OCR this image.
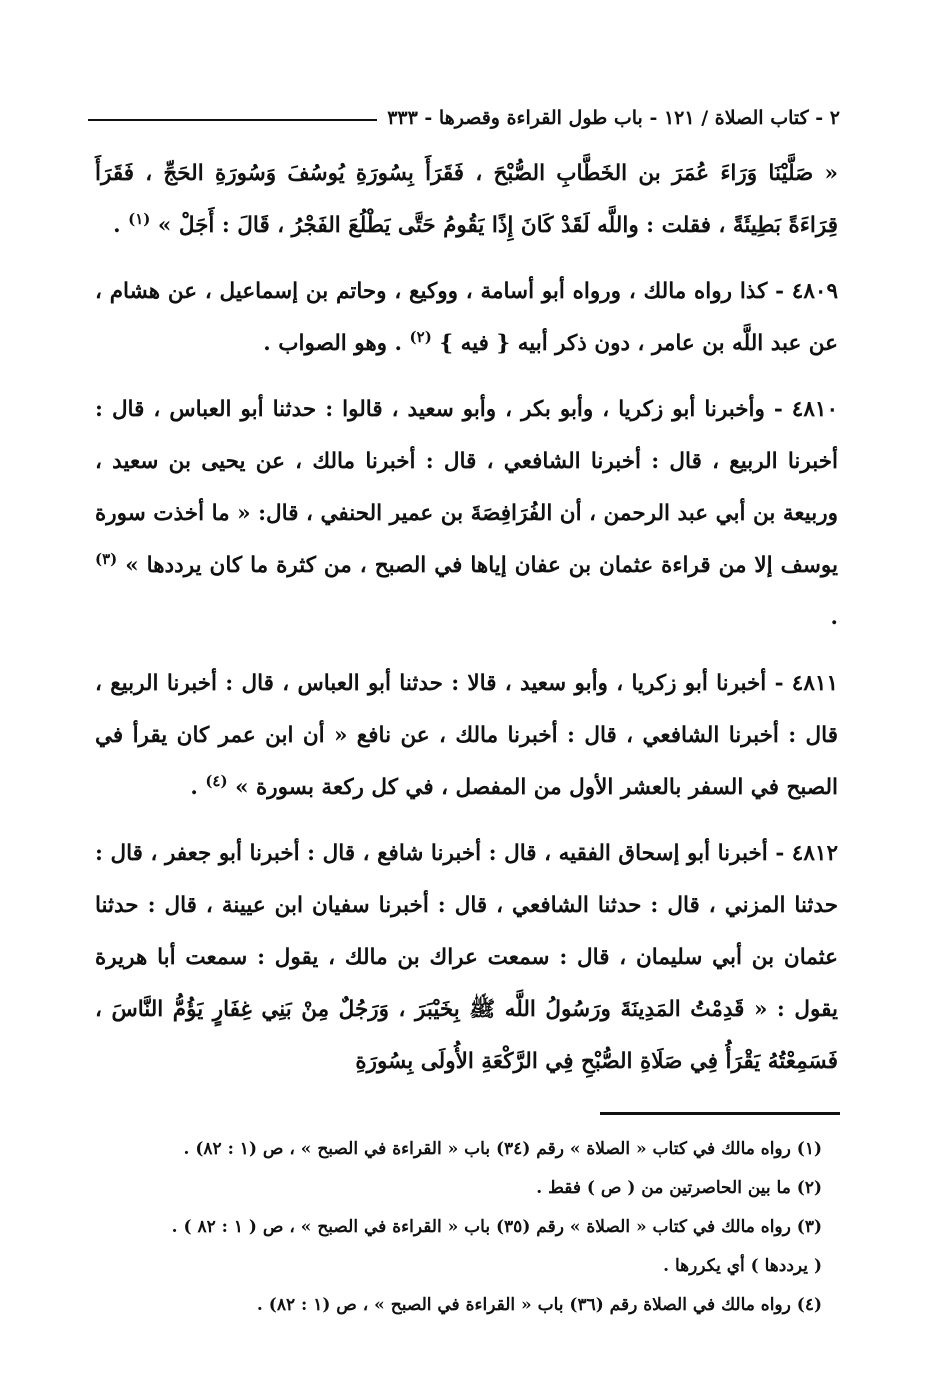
٢ - كتاب الصلاة / ١٢١ - باب طول القراءة وقصرها - ٣٣٣

« صَلَّيْنَا وَرَاءَ عُمَرَ بن الخَطَّابِ الصُّبْحَ ، فَقَرَأَ بِسُورَةِ يُوسُفَ وَسُورَةِ الحَجِّ ، فَقَرَأَ قِرَاءَةً بَطِيئَةً ، فقلت : واللَّه لَقَدْ كَانَ إِذًا يَقُومُ حَتَّى يَطْلُعَ الفَجْرُ ، قَالَ : أَجَلْ » $^{(١)}$ .

٤٨٠٩ - كذا رواه مالك ، ورواه أبو أسامة ، ووكيع ، وحاتم بن إسماعيل ، عن هشام ، عن عبد اللَّه بن عامر ، دون ذكر أبيه { فيه } $^{(٢)}$ . وهو الصواب .

٤٨١٠ - وأخبرنا أبو زكريا ، وأبو بكر ، وأبو سعيد ، قالوا : حدثنا أبو العباس ، قال : أخبرنا الربيع ، قال : أخبرنا الشافعي ، قال : أخبرنا مالك ، عن يحيى بن سعيد ، وربيعة بن أبي عبد الرحمن ، أن الفُرَافِصَةَ بن عمير الحنفي ، قال: « ما أخذت سورة يوسف إلا من قراءة عثمان بن عفان إياها في الصبح ، من كثرة ما كان يرددها » $^{(٣)}$ .

٤٨١١ - أخبرنا أبو زكريا ، وأبو سعيد ، قالا : حدثنا أبو العباس ، قال : أخبرنا الربيع ، قال : أخبرنا الشافعي ، قال : أخبرنا مالك ، عن نافع « أن ابن عمر كان يقرأ في الصبح في السفر بالعشر الأول من المفصل ، في كل ركعة بسورة » $^{(٤)}$ .

٤٨١٢ - أخبرنا أبو إسحاق الفقيه ، قال : أخبرنا شافع ، قال : أخبرنا أبو جعفر ، قال : حدثنا المزني ، قال : حدثنا الشافعي ، قال : أخبرنا سفيان ابن عيينة ، قال : حدثنا عثمان بن أبي سليمان ، قال : سمعت عراك بن مالك ، يقول : سمعت أبا هريرة يقول : « قَدِمْتُ المَدِينَةَ ورَسُولُ اللَّه ﷺ بِخَيْبَرَ ، وَرَجُلٌ مِنْ بَنِي غِفَارٍ يَؤُمُّ النَّاسَ ، فَسَمِعْتُهُ يَقْرَأُ فِي صَلَاةِ الصُّبْحِ فِي الرَّكْعَةِ الأُولَى بِسُورَةِ

(١) رواه مالك في كتاب « الصلاة » رقم (٣٤) باب « القراءة في الصبح » ، ص (١ : ٨٢) .

(٢) ما بين الحاصرتين من ( ص ) فقط .

(٣) رواه مالك في كتاب « الصلاة » رقم (٣٥) باب « القراءة في الصبح » ، ص ( ١ : ٨٢ ) .

( يرددها ) أي يكررها .

(٤) رواه مالك في الصلاة رقم (٣٦) باب « القراءة في الصبح » ، ص (١ : ٨٢) .
